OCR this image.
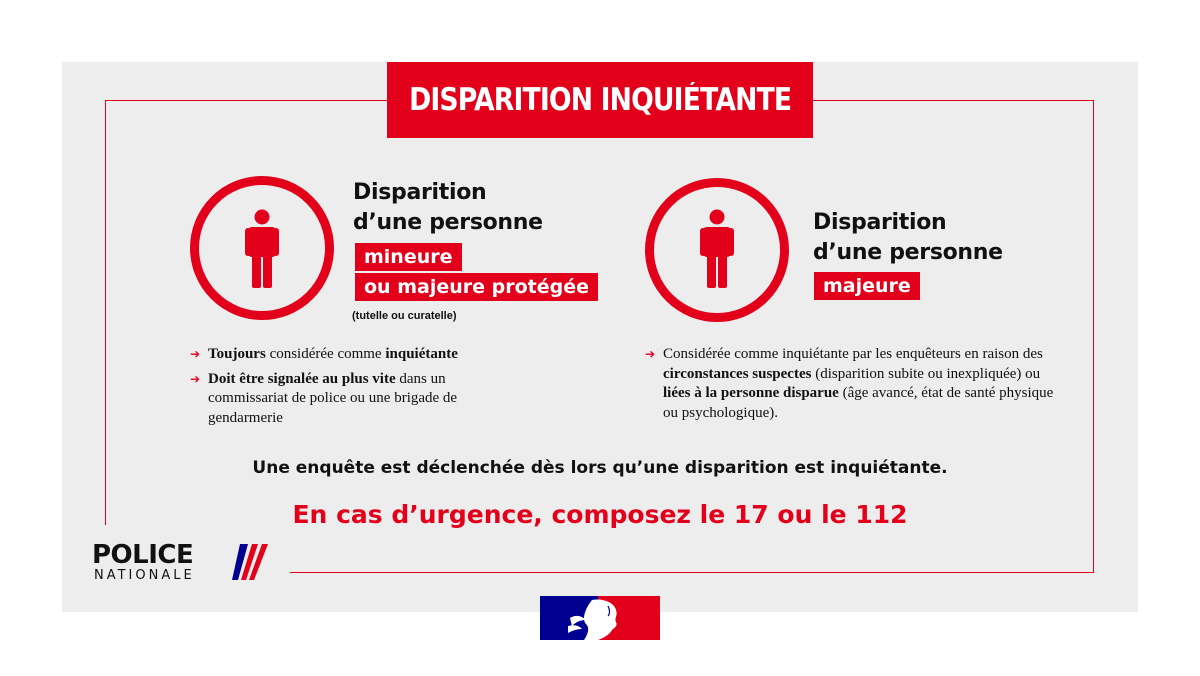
DISPARITION INQUIÉTANTE
Disparition
d’une personne
mineure
ou majeure protégée
(tutelle ou curatelle)
➔ Toujours considérée comme inquiétante
➔ Doit être signalée au plus vite dans un commissariat de police ou une brigade de gendarmerie
Disparition
d’une personne
majeure
➔ Considérée comme inquiétante par les enquêteurs en raison des circonstances suspectes (disparition subite ou inexpliquée) ou liées à la personne disparue (âge avancé, état de santé physique ou psychologique).
Une enquête est déclenchée dès lors qu’une disparition est inquiétante.
En cas d’urgence, composez le 17 ou le 112
POLICE
NATIONALE
